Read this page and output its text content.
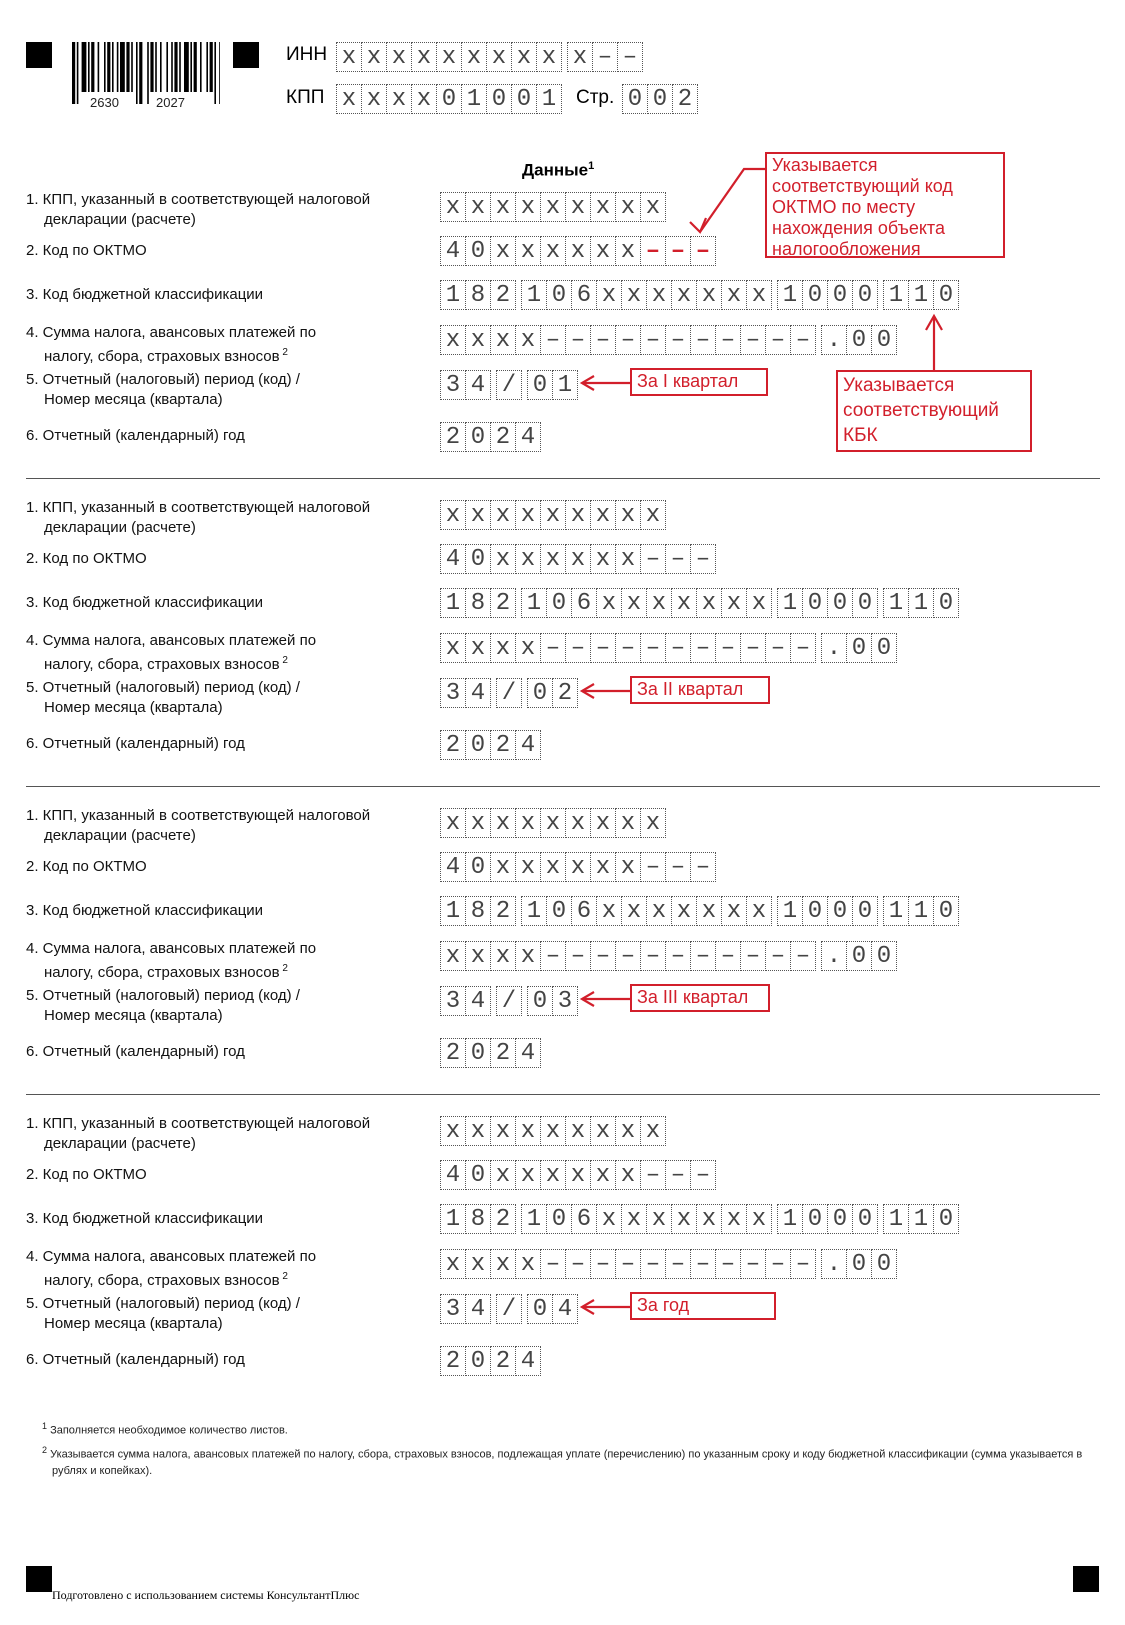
2630	2027
ИНН x x x x x x x x x x – –
КПП x x x x 0 1 0 0 1	Стр. 0 0 2
Данные$^1$
1. КПП, указанный в соответствующей налоговой
декларации (расчете)
2. Код по ОКТМО
3. Код бюджетной классификации
4. Сумма налога, авансовых платежей по
налогу, сбора, страховых взносов $^2$
5. Отчетный (налоговый) период (код) /
Номер месяца (квартала)
6. Отчетный (календарный) год
x x x x x x x x x
4 0 x x x x x x – – –
1 8 2 1 0 6 x x x x x x x 1 0 0 0 1 1 0
x x x x – – – – – – – – – – – . 0 0
3 4 / 0 1
2 0 2 4
За I квартал
1. КПП, указанный в соответствующей налоговой
декларации (расчете)
2. Код по ОКТМО
3. Код бюджетной классификации
4. Сумма налога, авансовых платежей по
налогу, сбора, страховых взносов $^2$
5. Отчетный (налоговый) период (код) /
Номер месяца (квартала)
6. Отчетный (календарный) год
x x x x x x x x x
4 0 x x x x x x – – –
1 8 2 1 0 6 x x x x x x x 1 0 0 0 1 1 0
x x x x – – – – – – – – – – – . 0 0
3 4 / 0 2
2 0 2 4
За II квартал
1. КПП, указанный в соответствующей налоговой
декларации (расчете)
2. Код по ОКТМО
3. Код бюджетной классификации
4. Сумма налога, авансовых платежей по
налогу, сбора, страховых взносов $^2$
5. Отчетный (налоговый) период (код) /
Номер месяца (квартала)
6. Отчетный (календарный) год
x x x x x x x x x
4 0 x x x x x x – – –
1 8 2 1 0 6 x x x x x x x 1 0 0 0 1 1 0
x x x x – – – – – – – – – – – . 0 0
3 4 / 0 3
2 0 2 4
За III квартал
1. КПП, указанный в соответствующей налоговой
декларации (расчете)
2. Код по ОКТМО
3. Код бюджетной классификации
4. Сумма налога, авансовых платежей по
налогу, сбора, страховых взносов $^2$
5. Отчетный (налоговый) период (код) /
Номер месяца (квартала)
6. Отчетный (календарный) год
x x x x x x x x x
4 0 x x x x x x – – –
1 8 2 1 0 6 x x x x x x x 1 0 0 0 1 1 0
x x x x – – – – – – – – – – – . 0 0
3 4 / 0 4
2 0 2 4
За год
Указывается соответствующий код ОКТМО по месту нахождения объекта налогообложения
Указывается соответствующий КБК
$^1$ Заполняется необходимое количество листов.
$^2$ Указывается сумма налога, авансовых платежей по налогу, сбора, страховых взносов, подлежащая уплате (перечислению) по указанным сроку и коду бюджетной классификации (сумма указывается в рублях и копейках).
Подготовлено с использованием системы КонсультантПлюс
